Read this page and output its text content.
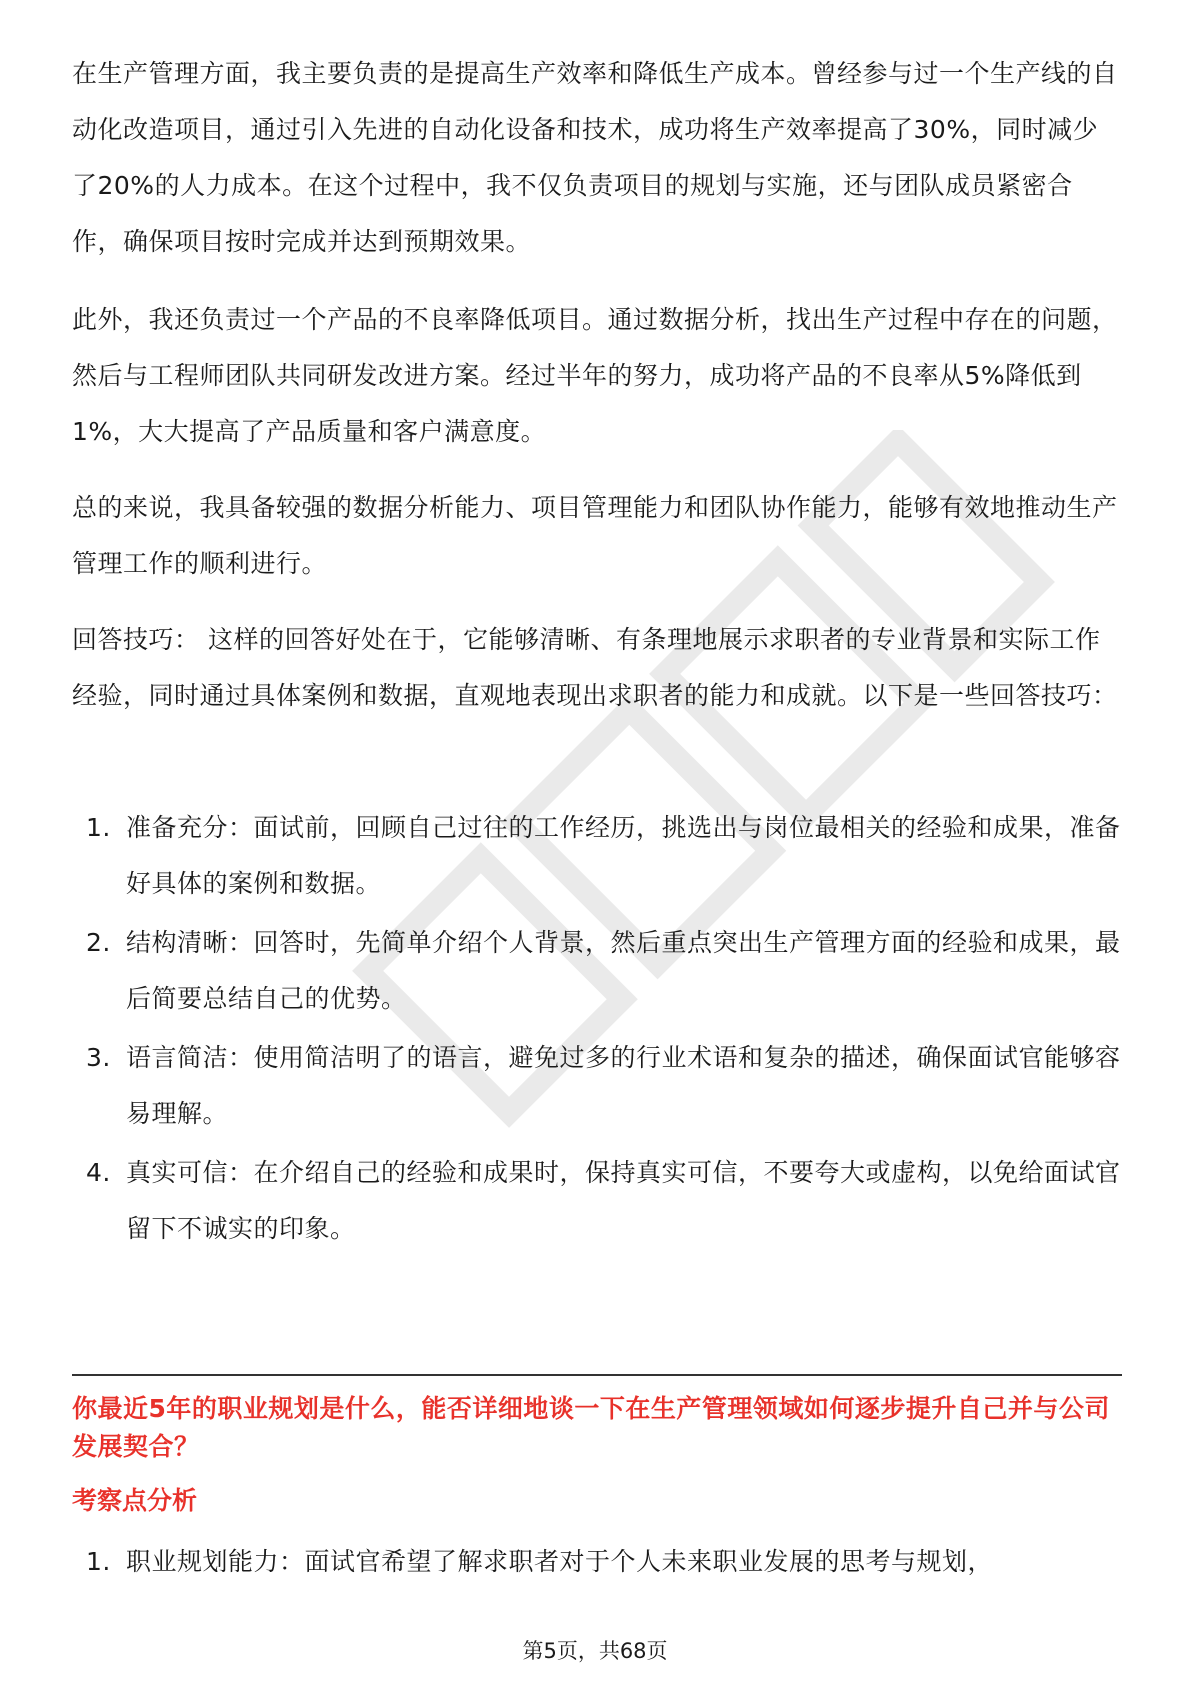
在生产管理方面，我主要负责的是提高生产效率和降低生产成本。曾经参与过一个生产线的自动化改造项目，通过引入先进的自动化设备和技术，成功将生产效率提高了30%，同时减少了20%的人力成本。在这个过程中，我不仅负责项目的规划与实施，还与团队成员紧密合作，确保项目按时完成并达到预期效果。

此外，我还负责过一个产品的不良率降低项目。通过数据分析，找出生产过程中存在的问题，然后与工程师团队共同研发改进方案。经过半年的努力，成功将产品的不良率从5%降低到1%，大大提高了产品质量和客户满意度。

总的来说，我具备较强的数据分析能力、项目管理能力和团队协作能力，能够有效地推动生产管理工作的顺利进行。

回答技巧： 这样的回答好处在于，它能够清晰、有条理地展示求职者的专业背景和实际工作经验，同时通过具体案例和数据，直观地表现出求职者的能力和成就。以下是一些回答技巧：

1. 准备充分：面试前，回顾自己过往的工作经历，挑选出与岗位最相关的经验和成果，准备好具体的案例和数据。
2. 结构清晰：回答时，先简单介绍个人背景，然后重点突出生产管理方面的经验和成果，最后简要总结自己的优势。
3. 语言简洁：使用简洁明了的语言，避免过多的行业术语和复杂的描述，确保面试官能够容易理解。
4. 真实可信：在介绍自己的经验和成果时，保持真实可信，不要夸大或虚构，以免给面试官留下不诚实的印象。

你最近5年的职业规划是什么，能否详细地谈一下在生产管理领域如何逐步提升自己并与公司发展契合？

考察点分析

1. 职业规划能力：面试官希望了解求职者对于个人未来职业发展的思考与规划，
第5页，共68页
